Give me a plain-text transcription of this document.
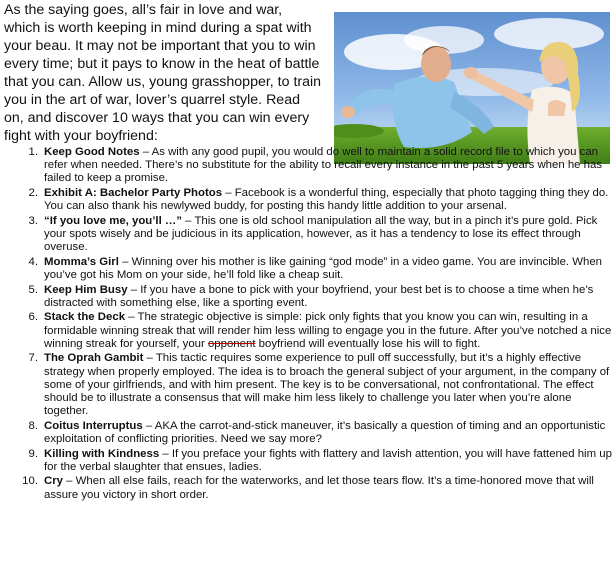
As the saying goes, all’s fair in love and war, which is worth keeping in mind during a spat with your beau. It may not be important that you to win every time; but it pays to know in the heat of battle that you can. Allow us, young grasshopper, to train you in the art of war, lover’s quarrel style. Read on, and discover 10 ways that you can win every fight with your boyfriend:

1. Keep Good Notes – As with any good pupil, you would do well to maintain a solid record file to which you can refer when needed. There’s no substitute for the ability to recall every instance in the past 5 years when he has failed to keep a promise.
2. Exhibit A: Bachelor Party Photos – Facebook is a wonderful thing, especially that photo tagging thing they do. You can also thank his newlywed buddy, for posting this handy little addition to your arsenal.
3. “If you love me, you’ll …” – This one is old school manipulation all the way, but in a pinch it’s pure gold. Pick your spots wisely and be judicious in its application, however, as it has a tendency to lose its effect through overuse.
4. Momma’s Girl – Winning over his mother is like gaining “god mode” in a video game. You are invincible. When you’ve got his Mom on your side, he’ll fold like a cheap suit.
5. Keep Him Busy – If you have a bone to pick with your boyfriend, your best bet is to choose a time when he’s distracted with something else, like a sporting event.
6. Stack the Deck – The strategic objective is simple: pick only fights that you know you can win, resulting in a formidable winning streak that will render him less willing to engage you in the future. After you’ve notched a nice winning streak for yourself, your opponent boyfriend will eventually lose his will to fight.
7. The Oprah Gambit – This tactic requires some experience to pull off successfully, but it’s a highly effective strategy when properly employed. The idea is to broach the general subject of your argument, in the company of some of your girlfriends, and with him present. The key is to be conversational, not confrontational. The effect should be to illustrate a consensus that will make him less likely to challenge you later when you’re alone together.
8. Coitus Interruptus – AKA the carrot-and-stick maneuver, it’s basically a question of timing and an opportunistic exploitation of conflicting priorities. Need we say more?
9. Killing with Kindness – If you preface your fights with flattery and lavish attention, you will have fattened him up for the verbal slaughter that ensues, ladies.
10. Cry – When all else fails, reach for the waterworks, and let those tears flow. It’s a time-honored move that will assure you victory in short order.
